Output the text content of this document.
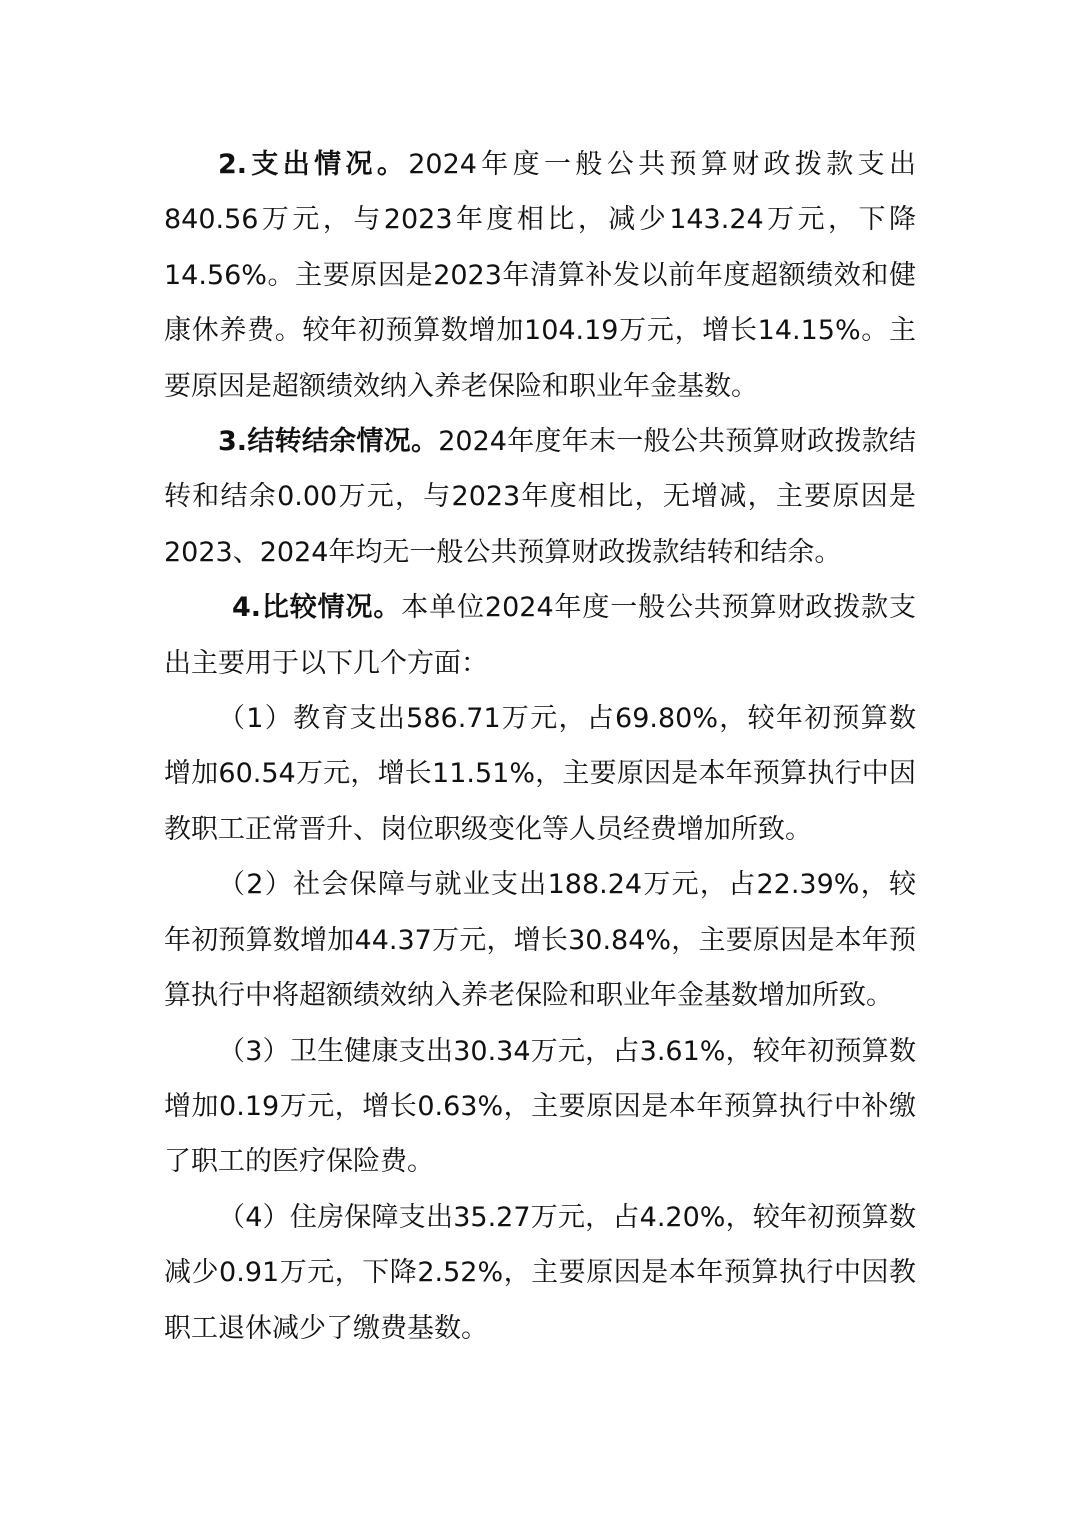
2.支出情况。2024年度一般公共预算财政拨款支出840.56万元，与2023年度相比，减少143.24万元，下降14.56%。主要原因是2023年清算补发以前年度超额绩效和健康休养费。较年初预算数增加104.19万元，增长14.15%。主要原因是超额绩效纳入养老保险和职业年金基数。

3.结转结余情况。2024年度年末一般公共预算财政拨款结转和结余0.00万元，与2023年度相比，无增减，主要原因是2023、2024年均无一般公共预算财政拨款结转和结余。

4.比较情况。本单位2024年度一般公共预算财政拨款支出主要用于以下几个方面：

（1）教育支出586.71万元，占69.80%，较年初预算数增加60.54万元，增长11.51%，主要原因是本年预算执行中因教职工正常晋升、岗位职级变化等人员经费增加所致。

（2）社会保障与就业支出188.24万元，占22.39%，较年初预算数增加44.37万元，增长30.84%，主要原因是本年预算执行中将超额绩效纳入养老保险和职业年金基数增加所致。

（3）卫生健康支出30.34万元，占3.61%，较年初预算数增加0.19万元，增长0.63%，主要原因是本年预算执行中补缴了职工的医疗保险费。

（4）住房保障支出35.27万元，占4.20%，较年初预算数减少0.91万元，下降2.52%，主要原因是本年预算执行中因教职工退休减少了缴费基数。
